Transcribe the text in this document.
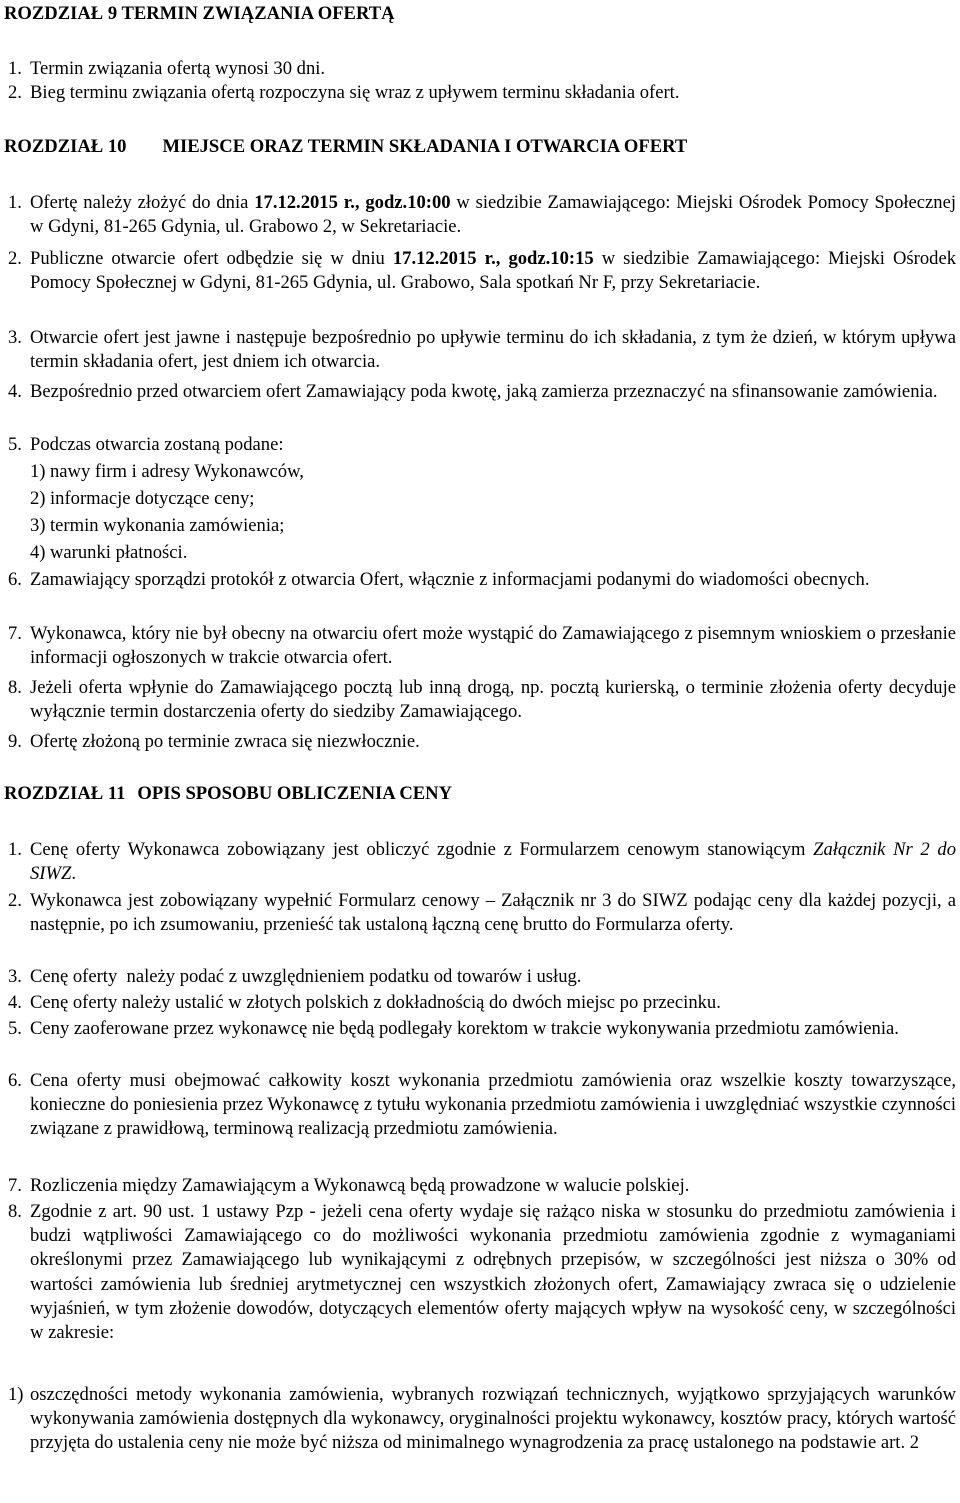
ROZDZIAŁ 9 TERMIN ZWIĄZANIA OFERTĄ
1. Termin związania ofertą wynosi 30 dni.
2. Bieg terminu związania ofertą rozpoczyna się wraz z upływem terminu składania ofert.
ROZDZIAŁ 10 MIEJSCE ORAZ TERMIN SKŁADANIA I OTWARCIA OFERT
1. Ofertę należy złożyć do dnia 17.12.2015 r., godz.10:00 w siedzibie Zamawiającego: Miejski Ośrodek Pomocy Społecznej w Gdyni, 81-265 Gdynia, ul. Grabowo 2, w Sekretariacie.
2. Publiczne otwarcie ofert odbędzie się w dniu 17.12.2015 r., godz.10:15 w siedzibie Zamawiającego: Miejski Ośrodek Pomocy Społecznej w Gdyni, 81-265 Gdynia, ul. Grabowo, Sala spotkań Nr F, przy Sekretariacie.
3. Otwarcie ofert jest jawne i następuje bezpośrednio po upływie terminu do ich składania, z tym że dzień, w którym upływa termin składania ofert, jest dniem ich otwarcia.
4. Bezpośrednio przed otwarciem ofert Zamawiający poda kwotę, jaką zamierza przeznaczyć na sfinansowanie zamówienia.
5. Podczas otwarcia zostaną podane:
1) nawy firm i adresy Wykonawców,
2) informacje dotyczące ceny;
3) termin wykonania zamówienia;
4) warunki płatności.
6. Zamawiający sporządzi protokół z otwarcia Ofert, włącznie z informacjami podanymi do wiadomości obecnych.
7. Wykonawca, który nie był obecny na otwarciu ofert może wystąpić do Zamawiającego z pisemnym wnioskiem o przesłanie informacji ogłoszonych w trakcie otwarcia ofert.
8. Jeżeli oferta wpłynie do Zamawiającego pocztą lub inną drogą, np. pocztą kurierską, o terminie złożenia oferty decyduje wyłącznie termin dostarczenia oferty do siedziby Zamawiającego.
9. Ofertę złożoną po terminie zwraca się niezwłocznie.
ROZDZIAŁ 11 OPIS SPOSOBU OBLICZENIA CENY
1. Cenę oferty Wykonawca zobowiązany jest obliczyć zgodnie z Formularzem cenowym stanowiącym Załącznik Nr 2 do SIWZ.
2. Wykonawca jest zobowiązany wypełnić Formularz cenowy – Załącznik nr 3 do SIWZ podając ceny dla każdej pozycji, a następnie, po ich zsumowaniu, przenieść tak ustaloną łączną cenę brutto do Formularza oferty.
3. Cenę oferty  należy podać z uwzględnieniem podatku od towarów i usług.
4. Cenę oferty należy ustalić w złotych polskich z dokładnością do dwóch miejsc po przecinku.
5. Ceny zaoferowane przez wykonawcę nie będą podlegały korektom w trakcie wykonywania przedmiotu zamówienia.
6. Cena oferty musi obejmować całkowity koszt wykonania przedmiotu zamówienia oraz wszelkie koszty towarzyszące, konieczne do poniesienia przez Wykonawcę z tytułu wykonania przedmiotu zamówienia i uwzględniać wszystkie czynności związane z prawidłową, terminową realizacją przedmiotu zamówienia.
7. Rozliczenia między Zamawiającym a Wykonawcą będą prowadzone w walucie polskiej.
8. Zgodnie z art. 90 ust. 1 ustawy Pzp - jeżeli cena oferty wydaje się rażąco niska w stosunku do przedmiotu zamówienia i budzi wątpliwości Zamawiającego co do możliwości wykonania przedmiotu zamówienia zgodnie z wymaganiami określonymi przez Zamawiającego lub wynikającymi z odrębnych przepisów, w szczególności jest niższa o 30% od wartości zamówienia lub średniej arytmetycznej cen wszystkich złożonych ofert, Zamawiający zwraca się o udzielenie wyjaśnień, w tym złożenie dowodów, dotyczących elementów oferty mających wpływ na wysokość ceny, w szczególności w zakresie:
1) oszczędności metody wykonania zamówienia, wybranych rozwiązań technicznych, wyjątkowo sprzyjających warunków wykonywania zamówienia dostępnych dla wykonawcy, oryginalności projektu wykonawcy, kosztów pracy, których wartość przyjęta do ustalenia ceny nie może być niższa od minimalnego wynagrodzenia za pracę ustalonego na podstawie art. 2
